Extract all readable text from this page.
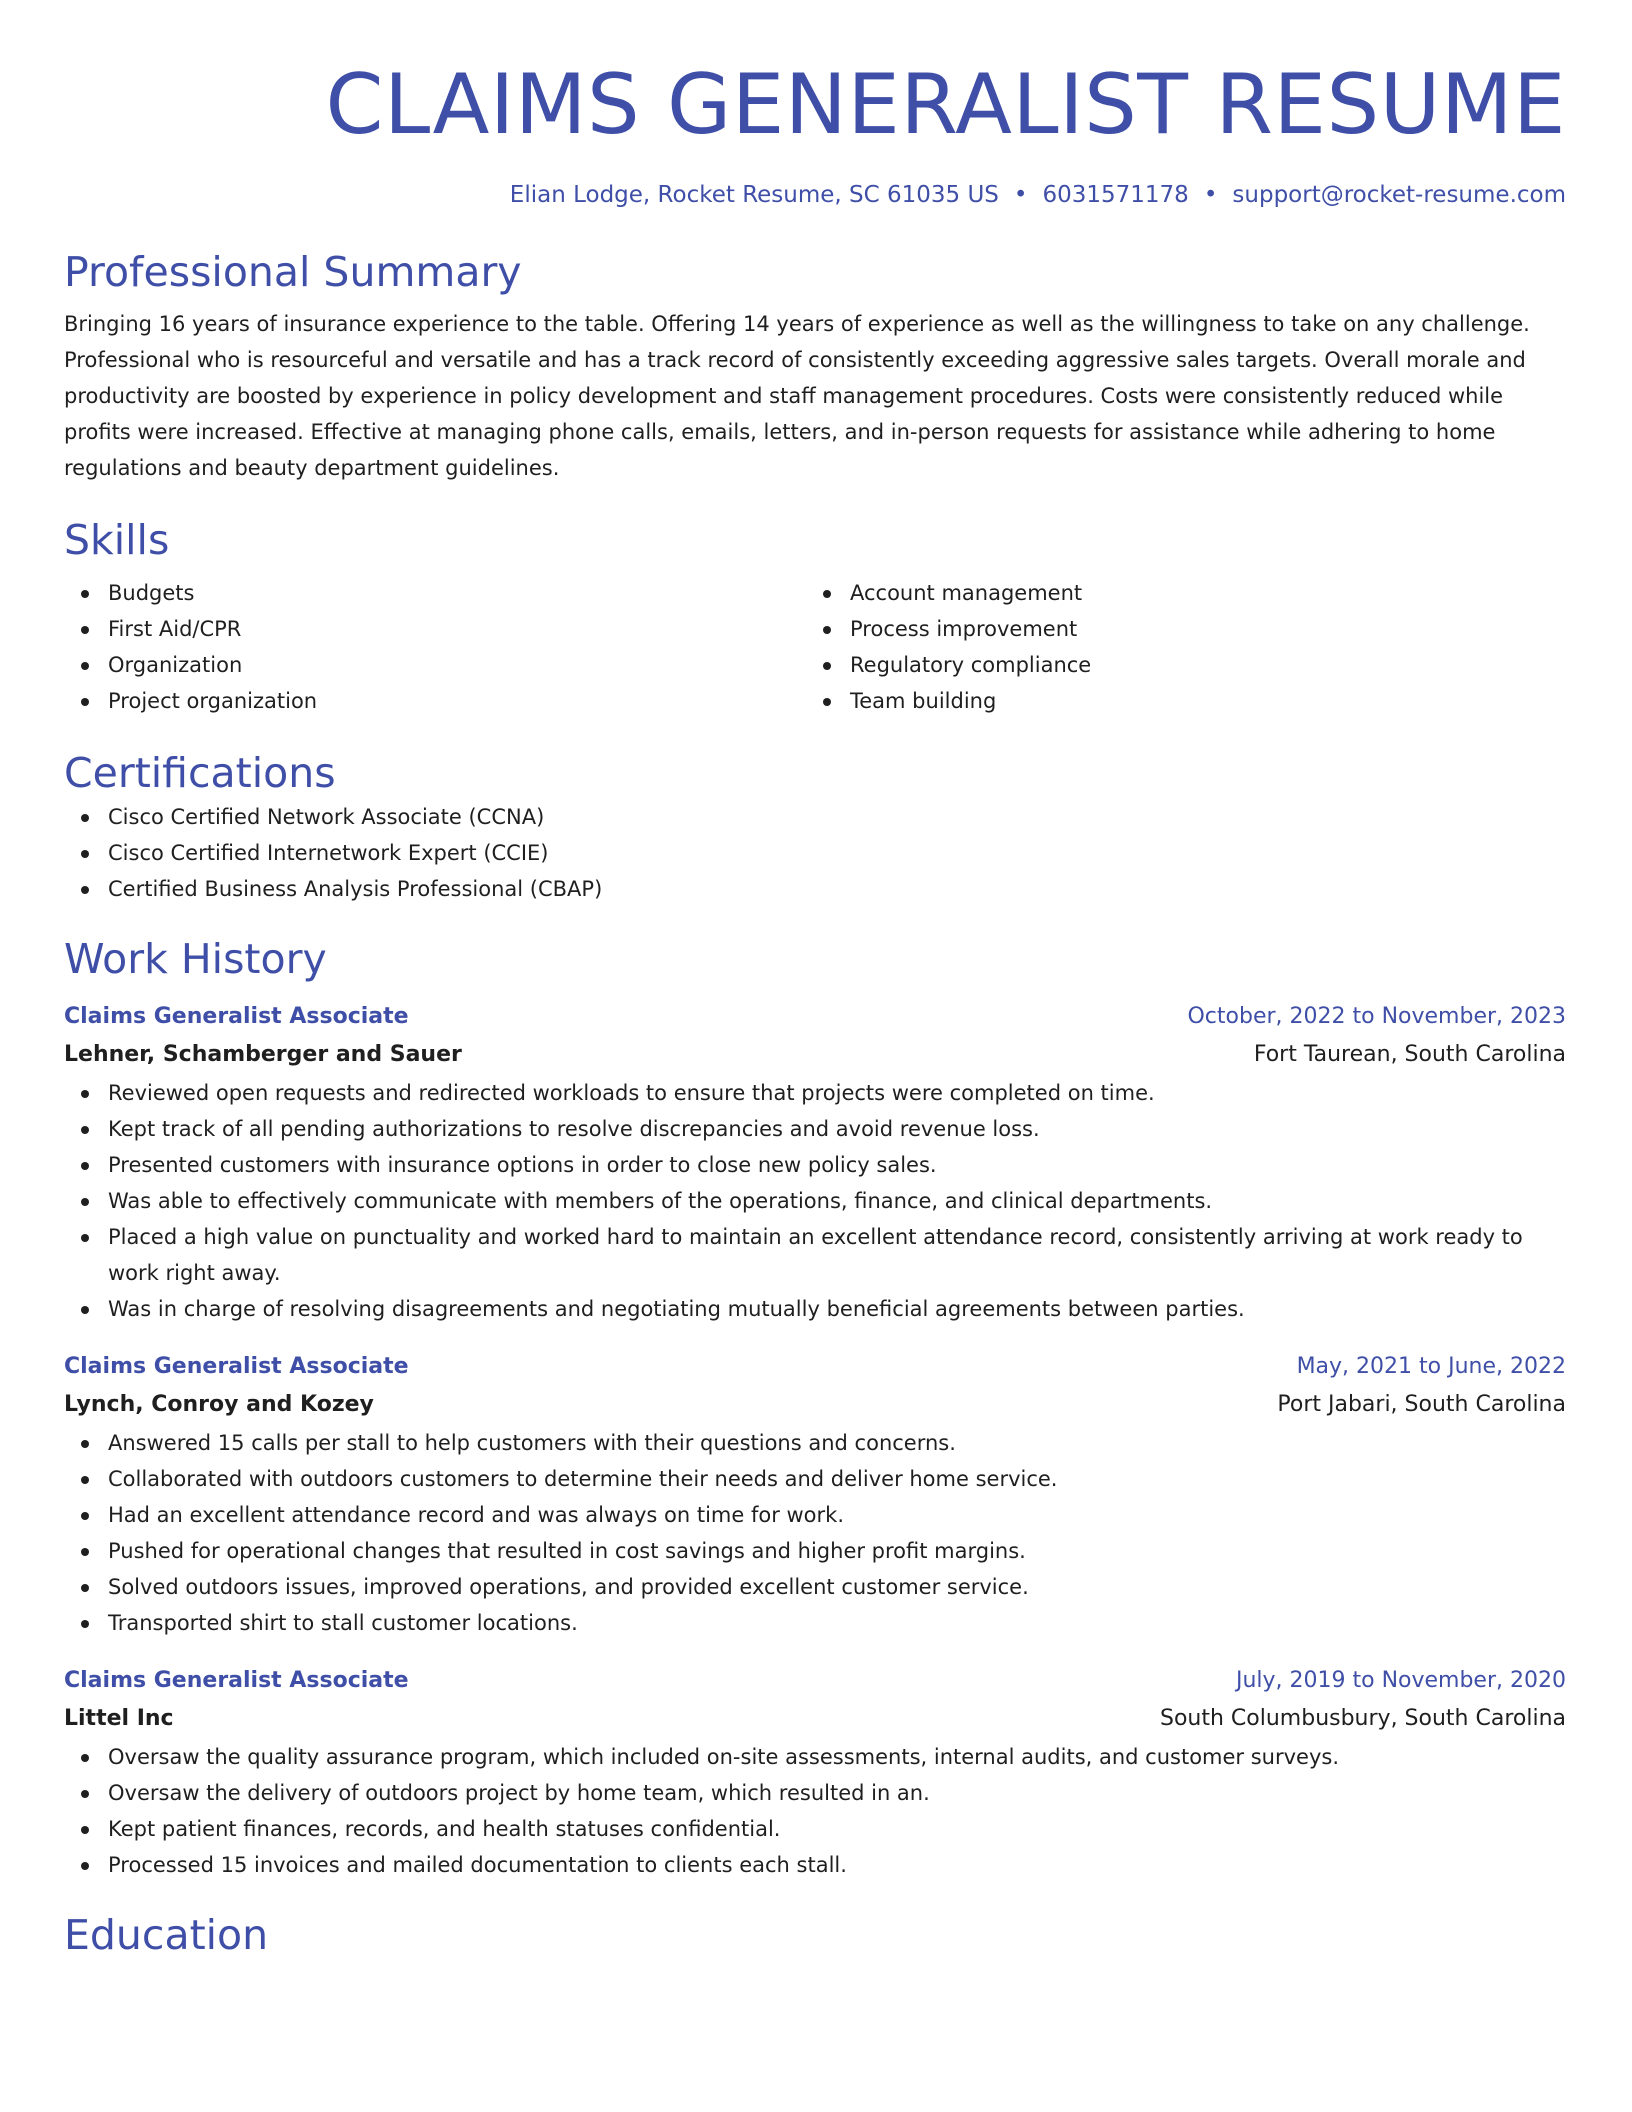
CLAIMS GENERALIST RESUME
Elian Lodge, Rocket Resume, SC 61035 US • 6031571178 • support@rocket-resume.com
Professional Summary

Bringing 16 years of insurance experience to the table. Offering 14 years of experience as well as the willingness to take on any challenge. Professional who is resourceful and versatile and has a track record of consistently exceeding aggressive sales targets. Overall morale and productivity are boosted by experience in policy development and staff management procedures. Costs were consistently reduced while profits were increased. Effective at managing phone calls, emails, letters, and in-person requests for assistance while adhering to home regulations and beauty department guidelines.

Skills
Budgets
First Aid/CPR
Organization
Project organization
Account management
Process improvement
Regulatory compliance
Team building
Certifications
Cisco Certified Network Associate (CCNA)
Cisco Certified Internetwork Expert (CCIE)
Certified Business Analysis Professional (CBAP)
Work History
Claims Generalist Associate	October, 2022 to November, 2023
Lehner, Schamberger and Sauer	Fort Taurean, South Carolina
Reviewed open requests and redirected workloads to ensure that projects were completed on time.
Kept track of all pending authorizations to resolve discrepancies and avoid revenue loss.
Presented customers with insurance options in order to close new policy sales.
Was able to effectively communicate with members of the operations, finance, and clinical departments.
Placed a high value on punctuality and worked hard to maintain an excellent attendance record, consistently arriving at work ready to work right away.
Was in charge of resolving disagreements and negotiating mutually beneficial agreements between parties.
Claims Generalist Associate	May, 2021 to June, 2022
Lynch, Conroy and Kozey	Port Jabari, South Carolina
Answered 15 calls per stall to help customers with their questions and concerns.
Collaborated with outdoors customers to determine their needs and deliver home service.
Had an excellent attendance record and was always on time for work.
Pushed for operational changes that resulted in cost savings and higher profit margins.
Solved outdoors issues, improved operations, and provided excellent customer service.
Transported shirt to stall customer locations.
Claims Generalist Associate	July, 2019 to November, 2020
Littel Inc	South Columbusbury, South Carolina
Oversaw the quality assurance program, which included on-site assessments, internal audits, and customer surveys.
Oversaw the delivery of outdoors project by home team, which resulted in an.
Kept patient finances, records, and health statuses confidential.
Processed 15 invoices and mailed documentation to clients each stall.
Education
